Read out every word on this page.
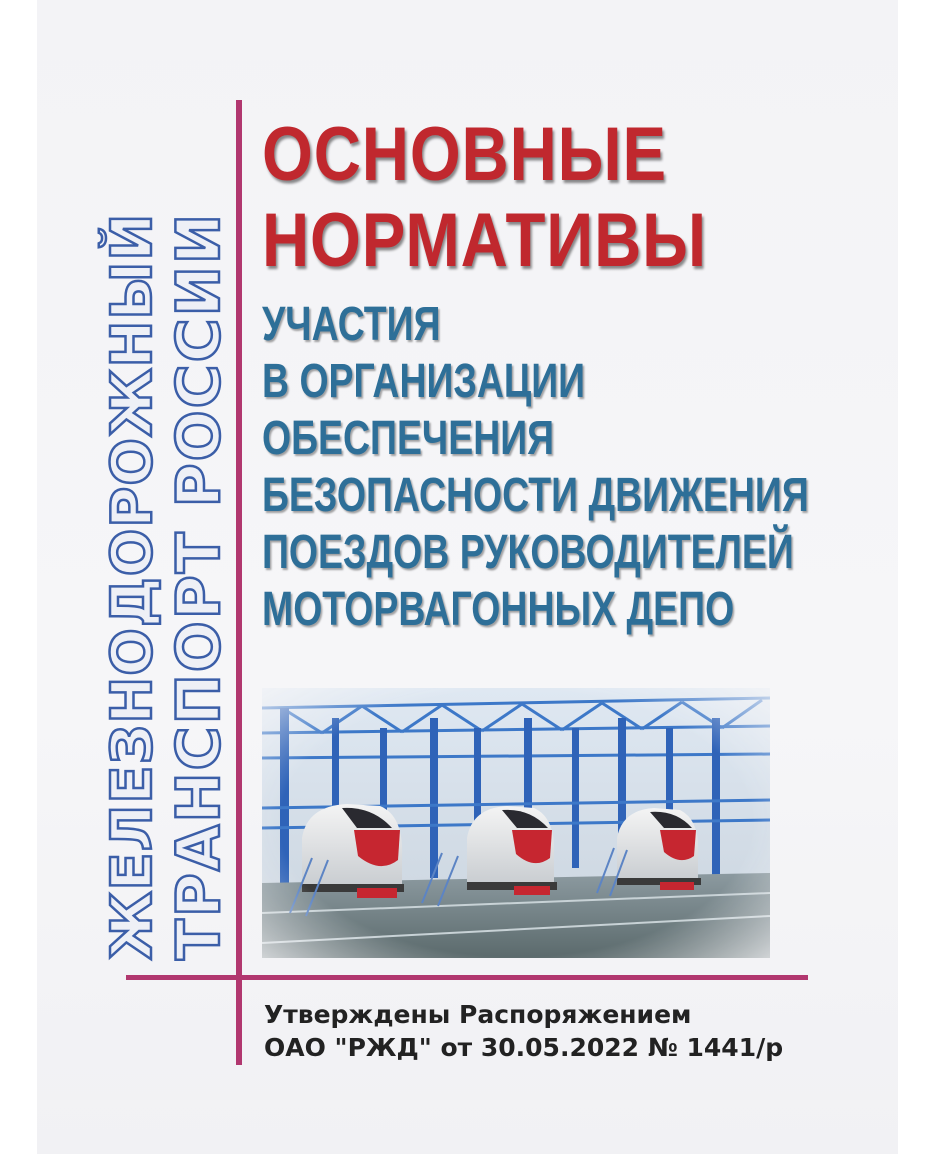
ЖЕЛЕЗНОДОРОЖНЫЙ ТРАНСПОРТ РОССИИ
ОСНОВНЫЕ
НОРМАТИВЫ
УЧАСТИЯ
В ОРГАНИЗАЦИИ
ОБЕСПЕЧЕНИЯ
БЕЗОПАСНОСТИ ДВИЖЕНИЯ
ПОЕЗДОВ РУКОВОДИТЕЛЕЙ
МОТОРВАГОННЫХ ДЕПО
Утверждены Распоряжением
ОАО "РЖД" от 30.05.2022 № 1441/р
